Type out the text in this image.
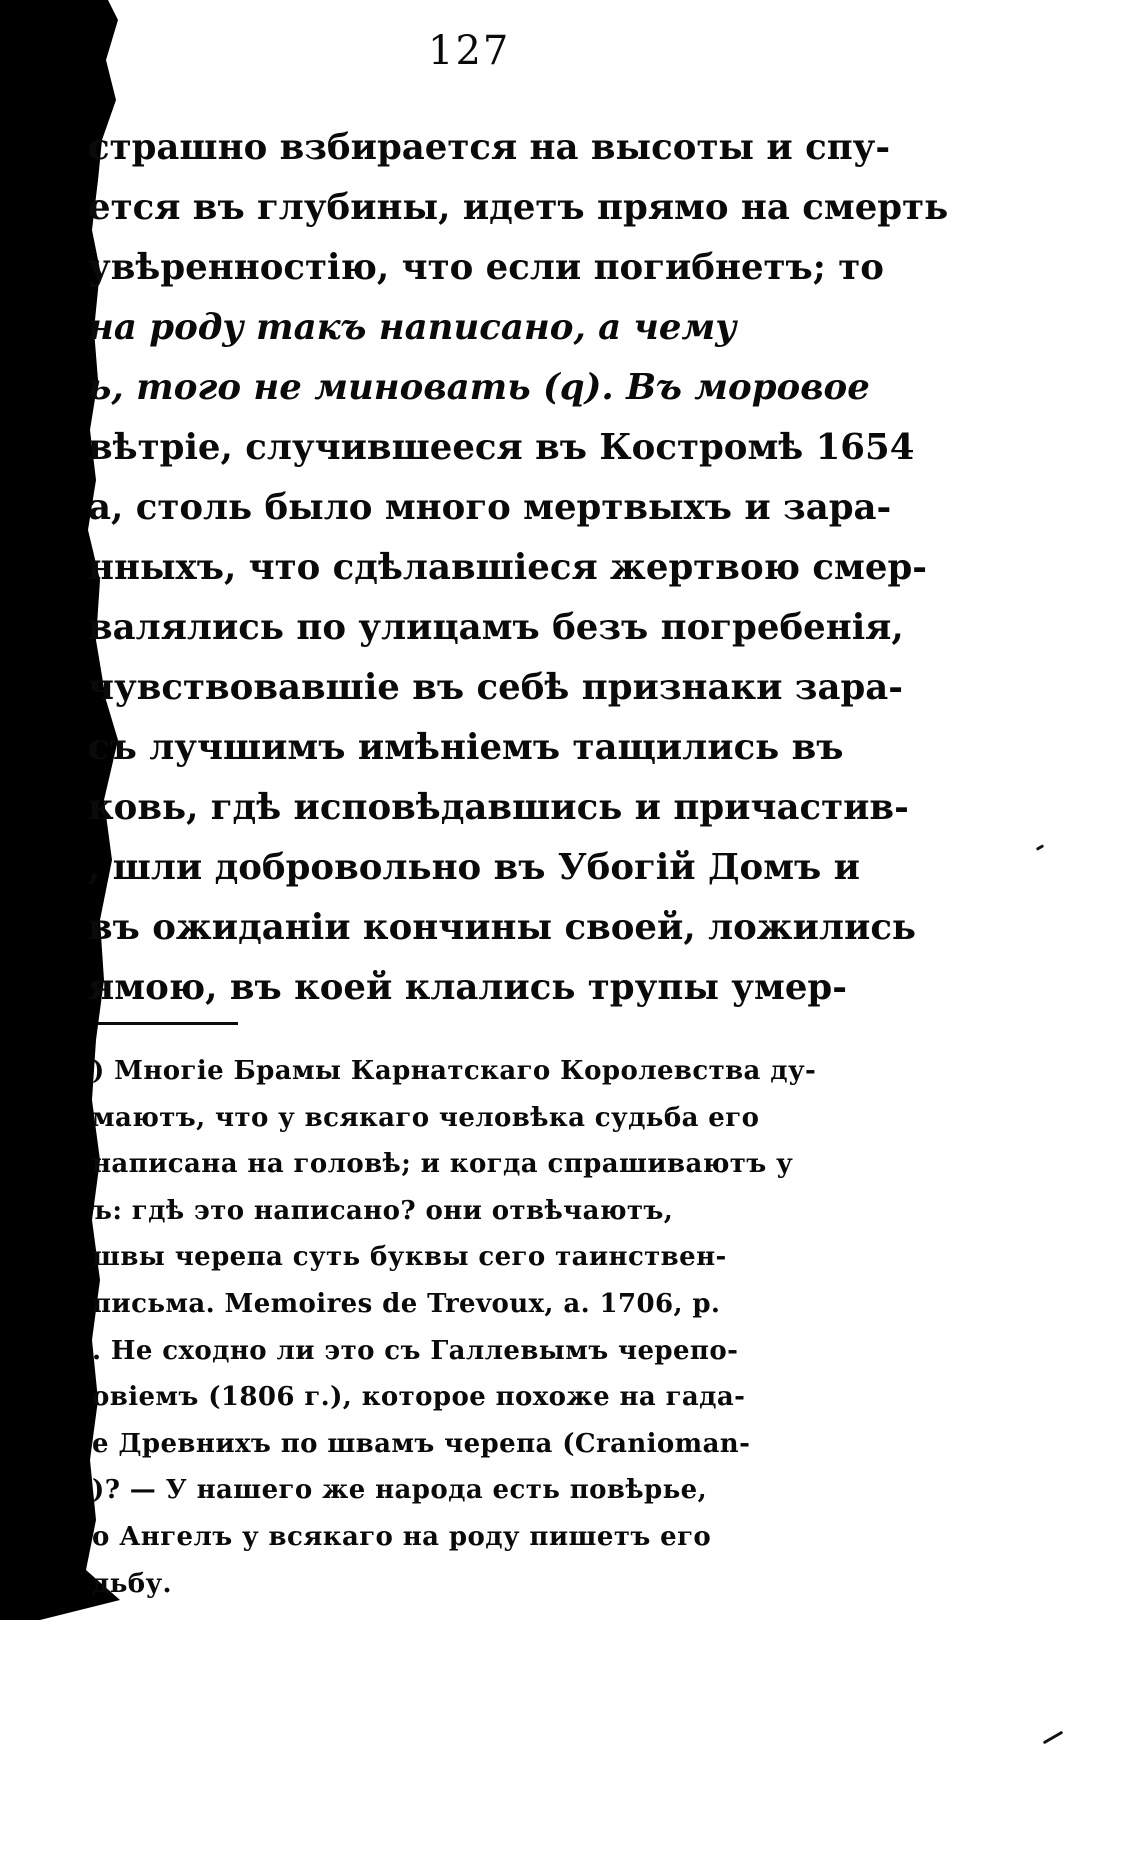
127
страшно взбирается на высоты и спу-
ется въ глубины, идетъ прямо на смерть
увѣренностію, что если погибнетъ; то
на роду такъ написано, а чему
ь, того не миновать (q). Въ моровое
вѣтріе, случившееся въ Костромѣ 1654
а, столь было много мертвыхъ и зара-
нныхъ, что сдѣлавшіеся жертвою смер-
валялись по улицамъ безъ погребенія,
чувствовавшіе въ себѣ признаки зара-
съ лучшимъ имѣніемъ тащились въ
ковь, гдѣ исповѣдавшись и причастив-
, шли добровольно въ Убогій Домъ и
въ ожиданіи кончины своей, ложились
ямою, въ коей клались трупы умер-
) Многіе Брамы Карнатскаго Королевства ду-
маютъ, что у всякаго человѣка судьба его
написана на головѣ; и когда спрашиваютъ у
ъ: гдѣ это написано? они отвѣчаютъ,
швы черепа суть буквы сего таинствен-
письма. Memoires de Trevoux, a. 1706, p.
. Не сходно ли это съ Галлевымъ черепо-
овіемъ (1806 г.), которое похоже на гада-
е Древнихъ по швамъ черепа (Craniоman-
)? — У нашего же народа есть повѣрье,
о Ангелъ у всякаго на роду пишетъ его
дьбу.
